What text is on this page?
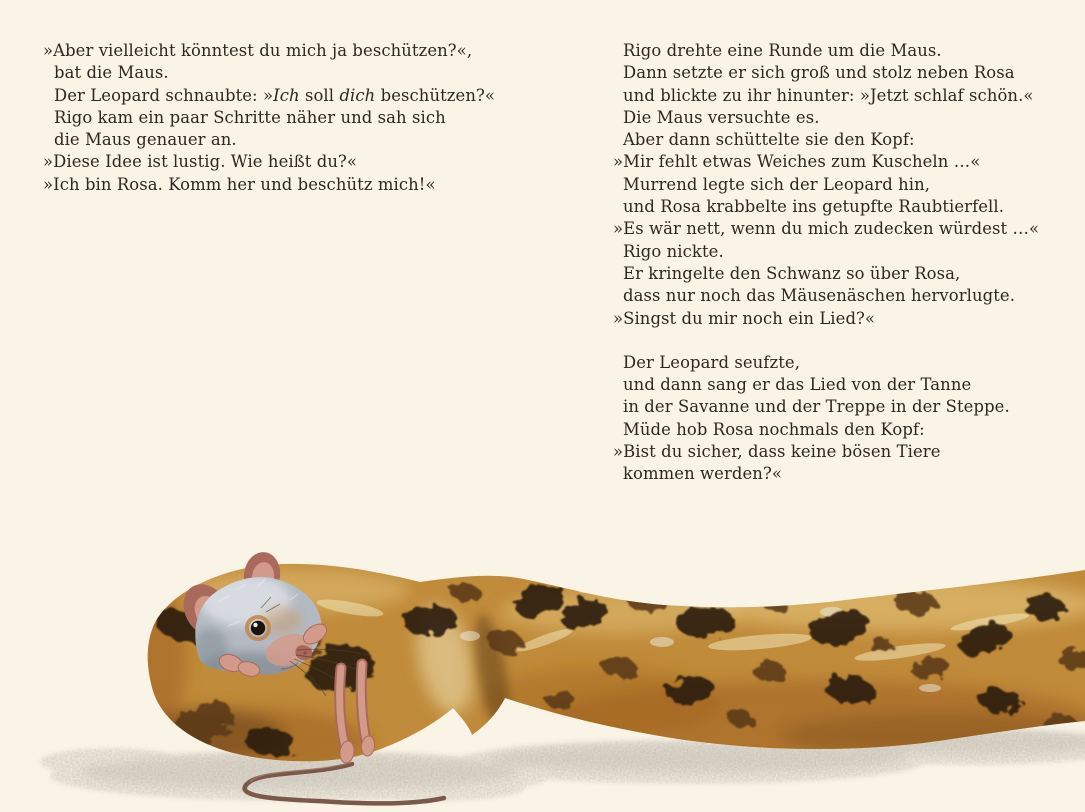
»Aber vielleicht könntest du mich ja beschützen?«,
bat die Maus.
Der Leopard schnaubte: »Ich soll dich beschützen?«
Rigo kam ein paar Schritte näher und sah sich
die Maus genauer an.
»Diese Idee ist lustig. Wie heißt du?«
»Ich bin Rosa. Komm her und beschütz mich!«
Rigo drehte eine Runde um die Maus.
Dann setzte er sich groß und stolz neben Rosa
und blickte zu ihr hinunter: »Jetzt schlaf schön.«
Die Maus versuchte es.
Aber dann schüttelte sie den Kopf:
»Mir fehlt etwas Weiches zum Kuscheln …«
Murrend legte sich der Leopard hin,
und Rosa krabbelte ins getupfte Raubtierfell.
»Es wär nett, wenn du mich zudecken würdest …«
Rigo nickte.
Er kringelte den Schwanz so über Rosa,
dass nur noch das Mäusenäschen hervorlugte.
»Singst du mir noch ein Lied?«
Der Leopard seufzte,
und dann sang er das Lied von der Tanne
in der Savanne und der Treppe in der Steppe.
Müde hob Rosa nochmals den Kopf:
»Bist du sicher, dass keine bösen Tiere
kommen werden?«
